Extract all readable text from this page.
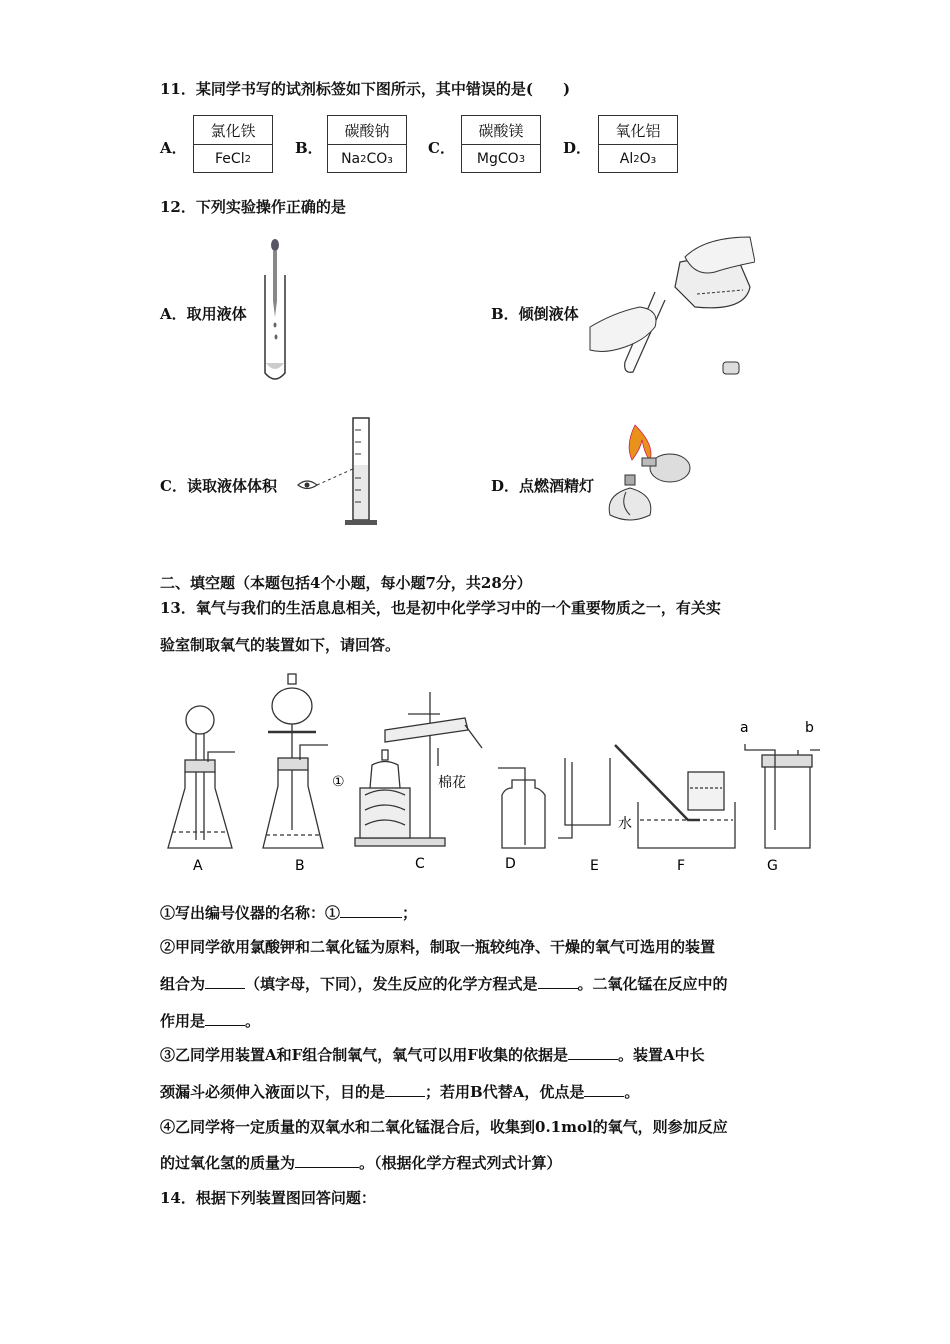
11．某同学书写的试剂标签如下图所示，其中错误的是(　　)
A．
氯化铁
FeCl 2
B．
碳酸钠
Na 2 CO₃
C．
碳酸镁
MgCO 3
D．
氧化铝
Al 2 O₃
12．下列实验操作正确的是
A．取用液体	B．倾倒液体
C．读取液体体积	D．点燃酒精灯
二、填空题（本题包括4个小题，每小题7分，共28分）
13．氧气与我们的生活息息相关，也是初中化学学习中的一个重要物质之一，有关实
验室制取氧气的装置如下，请回答。
A	B
①	棉花
C	D	E
水
F
a	b
G
①写出编号仪器的名称：①	；
②甲同学欲用氯酸钾和二氧化锰为原料，制取一瓶较纯净、干燥的氧气可选用的装置
组合为	（填字母，下同），发生反应的化学方程式是	。二氧化锰在反应中的
作用是	。
③乙同学用装置A和F组合制氧气，氧气可以用F收集的依据是	。装置A中长
颈漏斗必须伸入液面以下，目的是	；若用B代替A，优点是	。
④乙同学将一定质量的双氧水和二氧化锰混合后，收集到0.1mol的氧气，则参加反应
的过氧化氢的质量为	。（根据化学方程式列式计算）
14．根据下列装置图回答问题：
